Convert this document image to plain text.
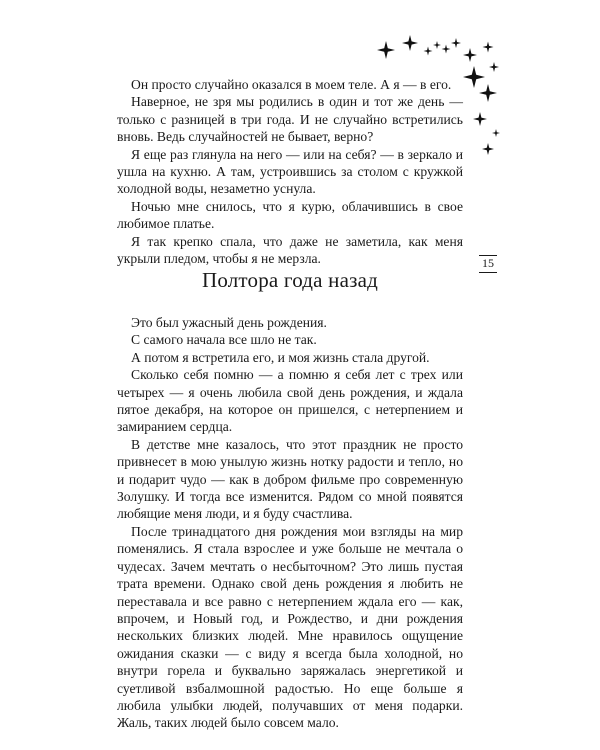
Он просто случайно оказался в моем теле. А я — в его.

Наверное, не зря мы родились в один и тот же день — только с разницей в три года. И не случайно встретились вновь. Ведь случайностей не бывает, верно?

Я еще раз глянула на него — или на себя? — в зеркало и ушла на кухню. А там, устроившись за столом с кружкой холодной воды, незаметно уснула.

Ночью мне снилось, что я курю, облачившись в свое любимое платье.

Я так крепко спала, что даже не заметила, как меня укрыли пледом, чтобы я не мерзла.	15
Полтора года назад

Это был ужасный день рождения.

С самого начала все шло не так.

А потом я встретила его, и моя жизнь стала другой.

Сколько себя помню — а помню я себя лет с трех или четырех — я очень любила свой день рождения, и ждала пятое декабря, на которое он пришелся, с нетерпением и замиранием сердца.

В детстве мне казалось, что этот праздник не просто привнесет в мою унылую жизнь нотку радости и тепло, но и подарит чудо — как в добром фильме про современную Золушку. И тогда все изменится. Рядом со мной появятся любящие меня люди, и я буду счастлива.

После тринадцатого дня рождения мои взгляды на мир поменялись. Я стала взрослее и уже больше не мечтала о чудесах. Зачем мечтать о несбыточном? Это лишь пустая трата времени. Однако свой день рождения я любить не переставала и все равно с нетерпением ждала его — как, впрочем, и Новый год, и Рождество, и дни рождения нескольких близких людей. Мне нравилось ощущение ожидания сказки — с виду я всегда была холодной, но внутри горела и буквально заряжалась энергетикой и суетливой взбалмошной радостью. Но еще больше я любила улыбки людей, получавших от меня подарки. Жаль, таких людей было совсем мало.
